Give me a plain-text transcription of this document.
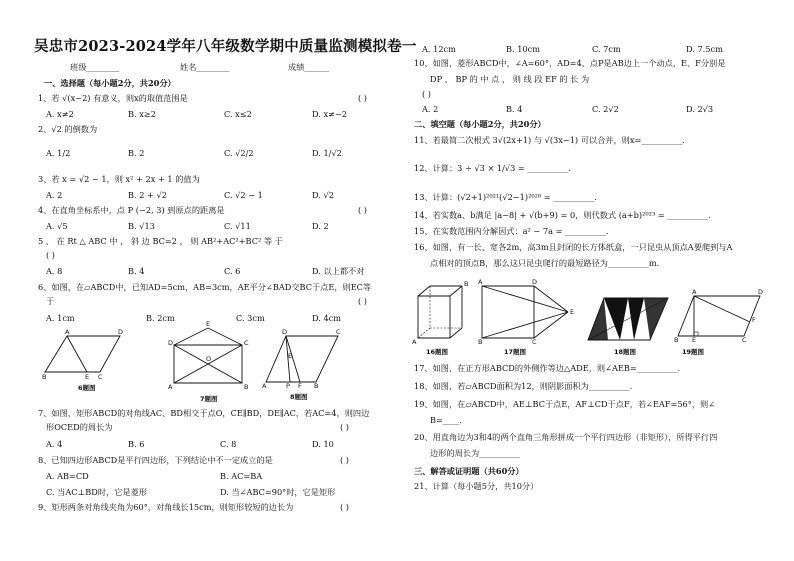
吴忠市2023-2024学年八年级数学期中质量监测模拟卷一
班级________	姓名________	成绩______
一、选择题（每小题2分，共20分）
1、若 √(x−2) 有意义，则x的取值范围是	( )
A. x≠2	B. x≥2	C. x≤2	D. x≠−2
2、√2 的倒数为
A. 1/2	B. 2	C. √2/2	D. 1/√2
3、若 x = √2 − 1，则 x² + 2x + 1 的值为
A. 2	B. 2 + √2	C. √2 − 1	D. √2
4、在直角坐标系中，点 P (−2, 3) 到原点的距离是	( )
A. √5	B. √13	C. √11	D. 2
5 、 在 Rt △ ABC 中 ， 斜 边 BC=2 ， 则 AB²+AC²+BC² 等 于
( )
A. 8	B. 4	C. 6	D. 以上都不对
6、如图，在▱ABCD中，已知AD=5cm，AB=3cm，AE平分∠BAD交BC于点E，则EC等
于	( )
A. 1cm	B. 2cm	C. 3cm	D. 4cm
A	D
B	E C
6题图
E
D	C
O
A	B
7题图
D	C
E
A	P F B
8题图
7、如图，矩形ABCD的对角线AC、BD相交于点O，CE∥BD，DE∥AC，若AC=4，则四边
形OCED的周长为	( )
A. 4	B. 6	C. 8	D. 10
8、已知四边形ABCD是平行四边形，下列结论中不一定成立的是	( )
A. AB=CD	B. AC=BA
C. 当AC⊥BD时，它是菱形	D. 当∠ABC=90°时，它是矩形
9、矩形两条对角线夹角为60°，对角线长15cm，则矩形较短的边长为	( )
A. 12cm	B. 10cm	C. 7cm	D. 7.5cm
10、如图，菱形ABCD中，∠A=60°，AD=4，点P是AB边上一个动点，E、F分别是
DP 、 BP 的 中 点 ， 则 线 段 EF 的 长 为
( )
A. 2	B. 4	C. 2√2	D. 2√3
二、填空题（每小题2分，共20分）
11、若最简二次根式 3√(2x+1) 与 √(3x−1) 可以合并，则x=__________.
12、计算：3 ÷ √3 × 1/√3 = __________.
13、计算：(√2+1)²⁰²¹(√2−1)²⁰²⁰ = __________.
14、若实数a、b满足 |a−8| + √(b+9) = 0，则代数式 (a+b)²⁰²³ = __________.
15、在实数范围内分解因式：a² − 7a = __________.
16、如图，有一长、宽各2m，高3m且封闭的长方体纸盒，一只昆虫从顶点A要爬到与A
点相对的顶点B，那么这只昆虫爬行的最短路径为__________m.
B
A
16题图
A	D
E
B	C
17题图	18题图
A	D
F
B E	C
19题图
17、如图，在正方形ABCD的外侧作等边△ADE，则∠AEB=__________.
18、如图，若▱ABCD面积为12，则阴影面积为__________.
19、如图，在▱ABCD中，AE⊥BC于点E，AF⊥CD于点F，若∠EAF=56°，则∠
B=____.
20、用直角边为3和4的两个直角三角形拼成一个平行四边形（非矩形），所得平行四
边形的周长为__________
三、解答或证明题（共60分）
21、计算（每小题5分，共10分）
